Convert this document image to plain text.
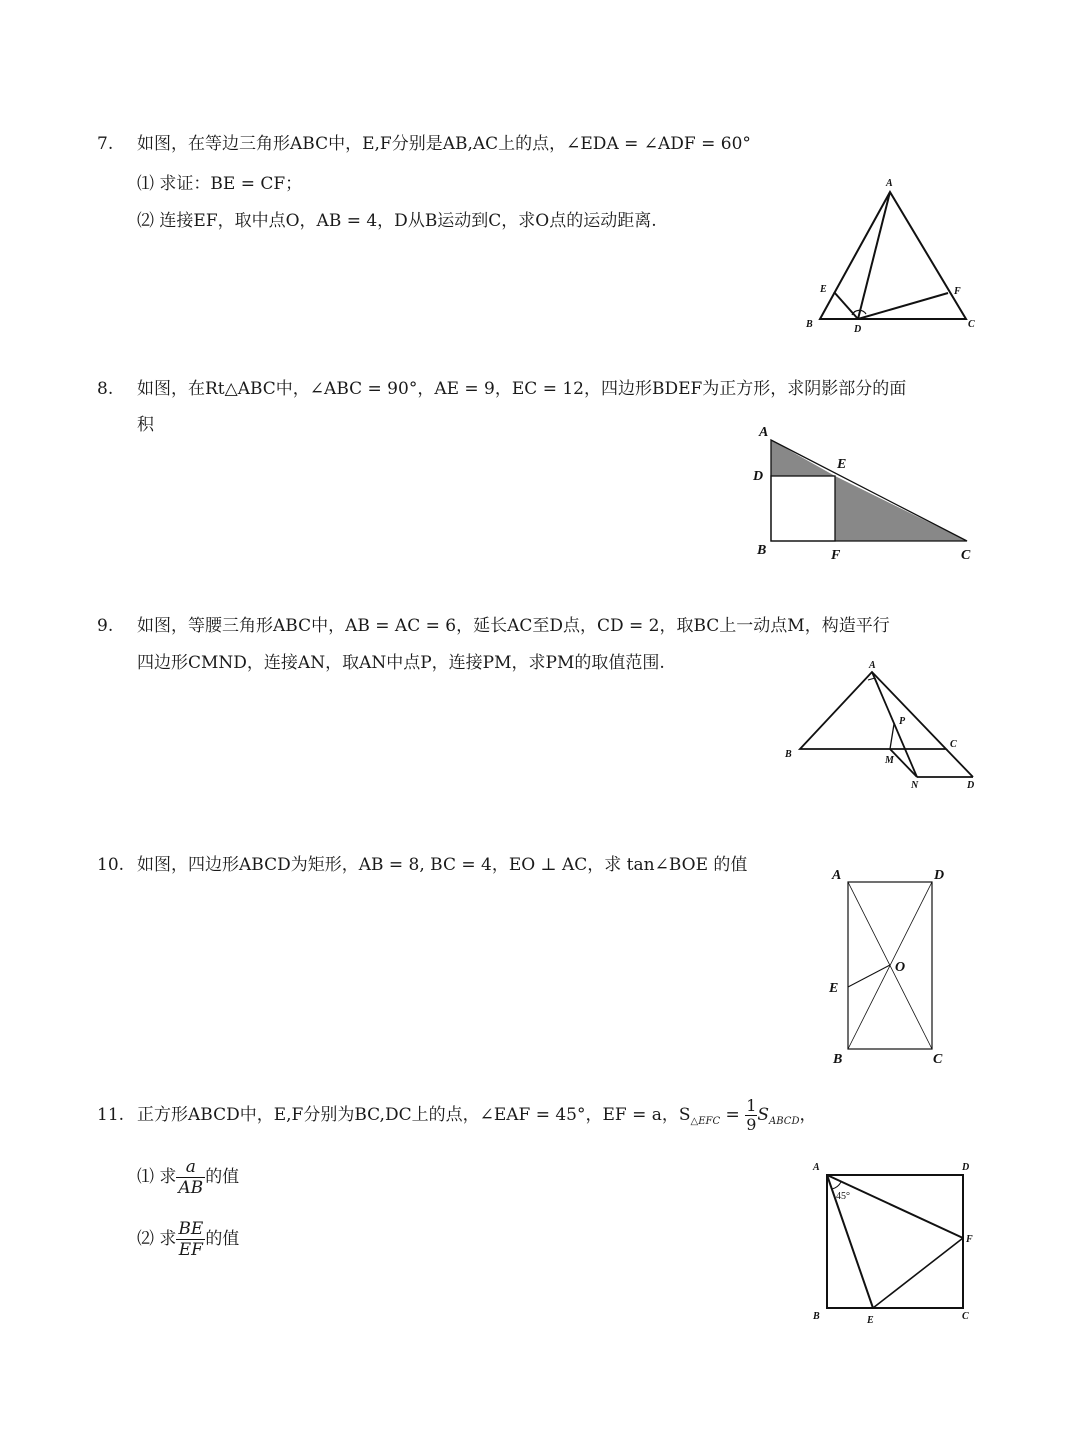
7. 如图，在等边三角形ABC中，E,F分别是AB,AC上的点，∠EDA = ∠ADF = 60°
⑴ 求证：BE = CF；
⑵ 连接EF，取中点O，AB = 4，D从B运动到C，求O点的运动距离.
A
B	C
D
E	F
8. 如图，在Rt△ABC中，∠ABC = 90°，AE = 9，EC = 12，四边形BDEF为正方形，求阴影部分的面
积	A
D
E
B	F	C
9. 如图，等腰三角形ABC中，AB = AC = 6，延长AC至D点，CD = 2，取BC上一动点M，构造平行
四边形CMND，连接AN，取AN中点P，连接PM，求PM的取值范围.	A
B
C
P
M
N	D
10. 如图，四边形ABCD为矩形，AB = 8, BC = 4，EO ⊥ AC，求 tan∠BOE 的值
A	D
O
E
B	C
11. 正方形ABCD中，E,F分别为BC,DC上的点，∠EAF = 45°，EF = a，$S_{\triangle EFC} = \frac{1}{9} S_{ABCD}$，
⑴ 求 $\frac{a}{AB}$ 的值
⑵ 求 $\frac{BE}{EF}$ 的值
A	D
F
B	E	C
45°
